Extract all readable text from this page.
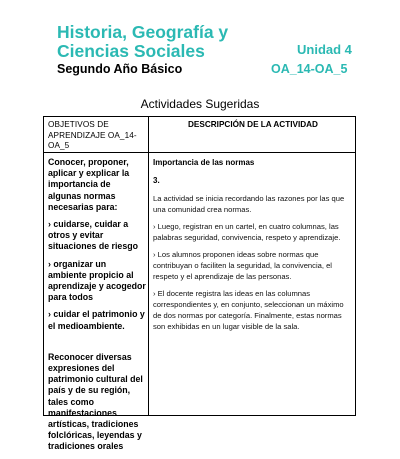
Historia, Geografía y Ciencias Sociales	Unidad 4
Segundo Año Básico	OA_14-OA_5
Actividades Sugeridas
OBJETIVOS DE APRENDIZAJE OA_14-OA_5
DESCRIPCIÓN DE LA ACTIVIDAD

Conocer, proponer, aplicar y explicar la importancia de algunas normas necesarias para:

› cuidarse, cuidar a otros y evitar situaciones de riesgo

› organizar un ambiente propicio al aprendizaje y acogedor para todos

› cuidar el patrimonio y el medioambiente.

Reconocer diversas expresiones del patrimonio cultural del país y de su región, tales como manifestaciones artísticas, tradiciones folclóricas, leyendas y tradiciones orales

Importancia de las normas

3.

La actividad se inicia recordando las razones por las que una comunidad crea normas.

› Luego, registran en un cartel, en cuatro columnas, las palabras seguridad, convivencia, respeto y aprendizaje.

› Los alumnos proponen ideas sobre normas que contribuyan o faciliten la seguridad, la convivencia, el respeto y el aprendizaje de las personas.

› El docente registra las ideas en las columnas correspondientes y, en conjunto, seleccionan un máximo de dos normas por categoría. Finalmente, estas normas son exhibidas en un lugar visible de la sala.
